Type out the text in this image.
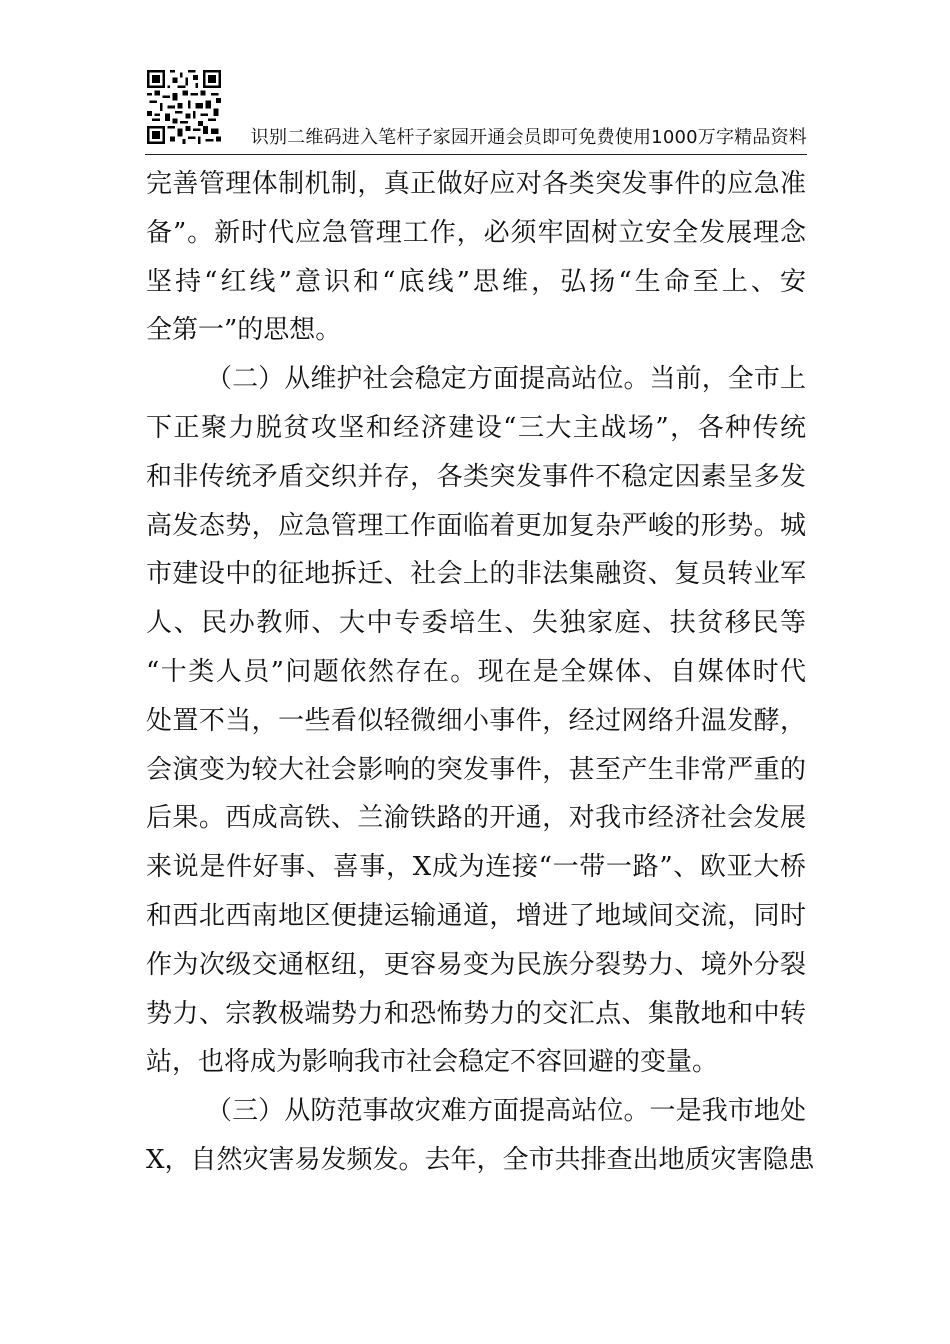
识别二维码进入笔杆子家园开通会员即可免费使用1000万字精品资料
完善管理体制机制，真正做好应对各类突发事件的应急准
备”。新时代应急管理工作，必须牢固树立安全发展理念
坚持“红线”意识和“底线”思维，弘扬“生命至上、安
全第一”的思想。
（二）从维护社会稳定方面提高站位。当前，全市上
下正聚力脱贫攻坚和经济建设“三大主战场”，各种传统
和非传统矛盾交织并存，各类突发事件不稳定因素呈多发
高发态势，应急管理工作面临着更加复杂严峻的形势。城
市建设中的征地拆迁、社会上的非法集融资、复员转业军
人、民办教师、大中专委培生、失独家庭、扶贫移民等
“十类人员”问题依然存在。现在是全媒体、自媒体时代
处置不当，一些看似轻微细小事件，经过网络升温发酵，
会演变为较大社会影响的突发事件，甚至产生非常严重的
后果。西成高铁、兰渝铁路的开通，对我市经济社会发展
来说是件好事、喜事，X成为连接“一带一路”、欧亚大桥
和西北西南地区便捷运输通道，增进了地域间交流，同时
作为次级交通枢纽，更容易变为民族分裂势力、境外分裂
势力、宗教极端势力和恐怖势力的交汇点、集散地和中转
站，也将成为影响我市社会稳定不容回避的变量。
（三）从防范事故灾难方面提高站位。一是我市地处
X，自然灾害易发频发。去年，全市共排查出地质灾害隐患
